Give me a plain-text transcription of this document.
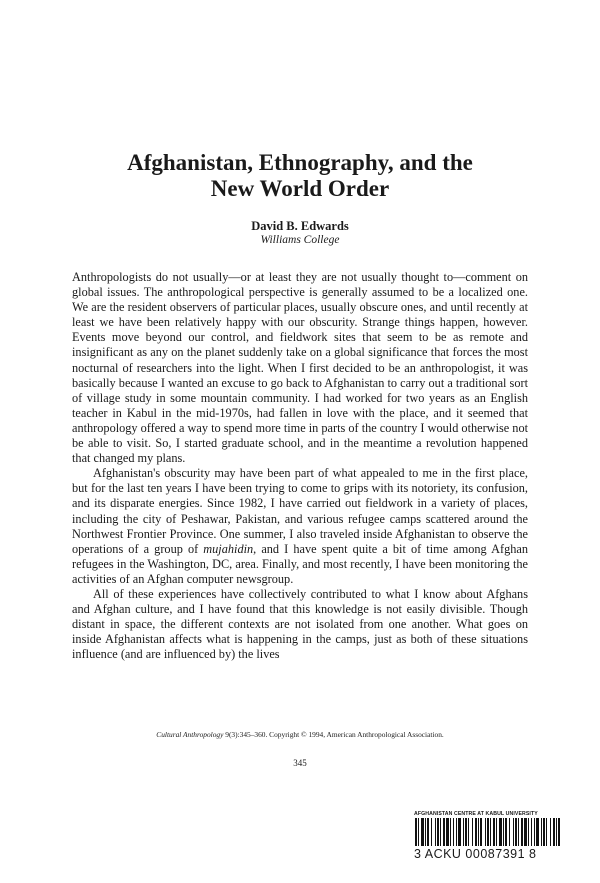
Afghanistan, Ethnography, and the
New World Order
David B. Edwards
Williams College

Anthropologists do not usually—or at least they are not usually thought to—comment on global issues. The anthropological perspective is generally assumed to be a localized one. We are the resident observers of particular places, usually obscure ones, and until recently at least we have been relatively happy with our obscurity. Strange things happen, however. Events move beyond our control, and fieldwork sites that seem to be as remote and insignificant as any on the planet suddenly take on a global significance that forces the most nocturnal of researchers into the light. When I first decided to be an anthropologist, it was basically because I wanted an excuse to go back to Afghanistan to carry out a traditional sort of village study in some mountain community. I had worked for two years as an English teacher in Kabul in the mid-1970s, had fallen in love with the place, and it seemed that anthropology offered a way to spend more time in parts of the country I would otherwise not be able to visit. So, I started graduate school, and in the meantime a revolution happened that changed my plans.

Afghanistan's obscurity may have been part of what appealed to me in the first place, but for the last ten years I have been trying to come to grips with its notoriety, its confusion, and its disparate energies. Since 1982, I have carried out fieldwork in a variety of places, including the city of Peshawar, Pakistan, and various refugee camps scattered around the Northwest Frontier Province. One summer, I also traveled inside Afghanistan to observe the operations of a group of mujahidin, and I have spent quite a bit of time among Afghan refugees in the Washington, DC, area. Finally, and most recently, I have been monitoring the activities of an Afghan computer newsgroup.

All of these experiences have collectively contributed to what I know about Afghans and Afghan culture, and I have found that this knowledge is not easily divisible. Though distant in space, the different contexts are not isolated from one another. What goes on inside Afghanistan affects what is happening in the camps, just as both of these situations influence (and are influenced by) the lives

Cultural Anthropology 9(3):345–360. Copyright © 1994, American Anthropological Association.
345
AFGHANISTAN CENTRE AT KABUL UNIVERSITY
3 ACKU 00087391 8
